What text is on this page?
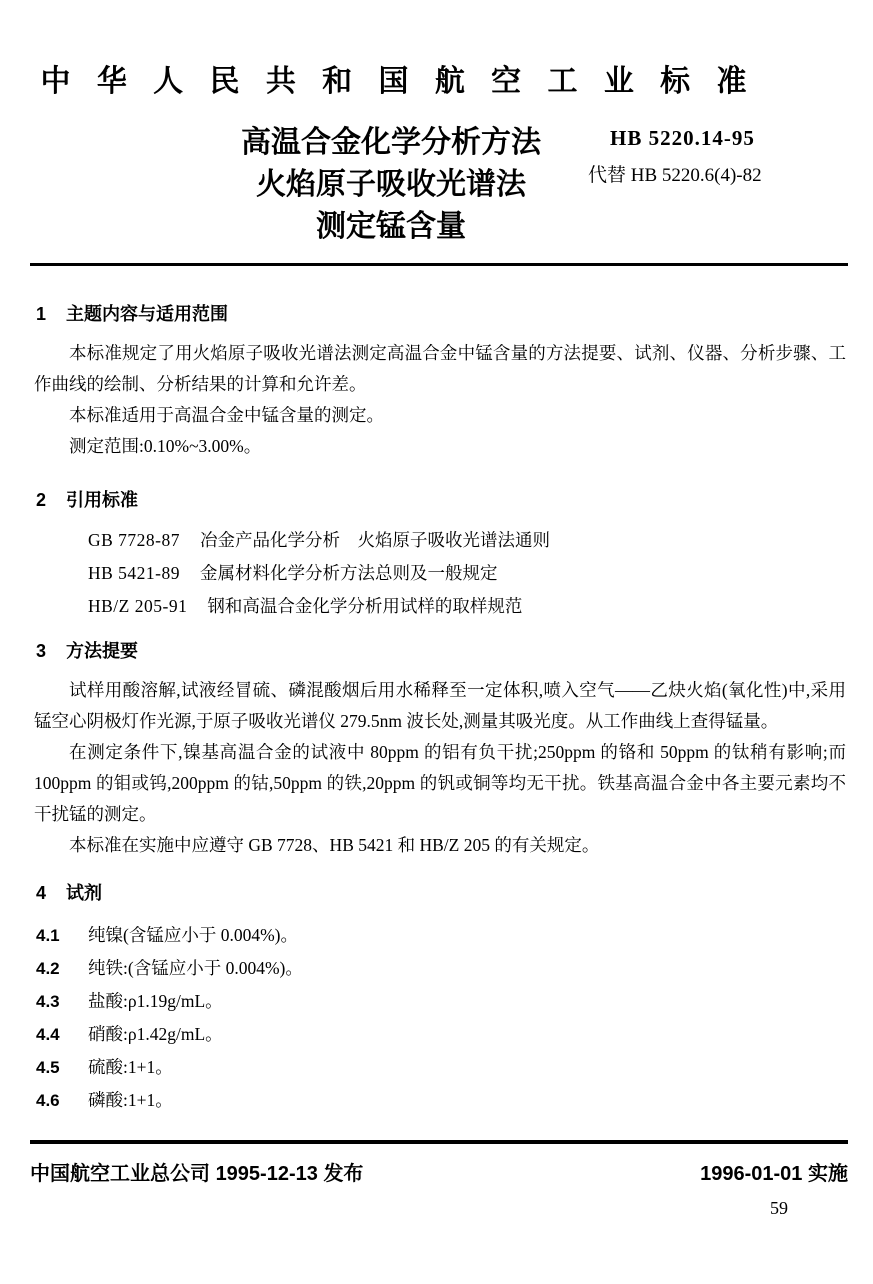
中 华 人 民 共 和 国 航 空 工 业 标 准
高温合金化学分析方法
火焰原子吸收光谱法
测定锰含量
HB 5220.14-95
代替 HB 5220.6(4)-82
1 主题内容与适用范围

本标准规定了用火焰原子吸收光谱法测定高温合金中锰含量的方法提要、试剂、仪器、分析步骤、工作曲线的绘制、分析结果的计算和允许差。

本标准适用于高温合金中锰含量的测定。

测定范围:0.10%~3.00%。

2 引用标准
GB 7728-87 冶金产品化学分析　火焰原子吸收光谱法通则
HB 5421-89 金属材料化学分析方法总则及一般规定
HB/Z 205-91 钢和高温合金化学分析用试样的取样规范
3 方法提要

试样用酸溶解,试液经冒硫、磷混酸烟后用水稀释至一定体积,喷入空气——乙炔火焰(氧化性)中,采用锰空心阴极灯作光源,于原子吸收光谱仪 279.5nm 波长处,测量其吸光度。从工作曲线上查得锰量。

在测定条件下,镍基高温合金的试液中 80ppm 的铝有负干扰;250ppm 的铬和 50ppm 的钛稍有影响;而 100ppm 的钼或钨,200ppm 的钴,50ppm 的铁,20ppm 的钒或铜等均无干扰。铁基高温合金中各主要元素均不干扰锰的测定。

本标准在实施中应遵守 GB 7728、HB 5421 和 HB/Z 205 的有关规定。

4 试剂
4.1 纯镍(含锰应小于 0.004%)。
4.2 纯铁:(含锰应小于 0.004%)。
4.3 盐酸:ρ1.19g/mL。
4.4 硝酸:ρ1.42g/mL。
4.5 硫酸:1+1。
4.6 磷酸:1+1。
中国航空工业总公司 1995-12-13 发布	1996-01-01 实施
59
